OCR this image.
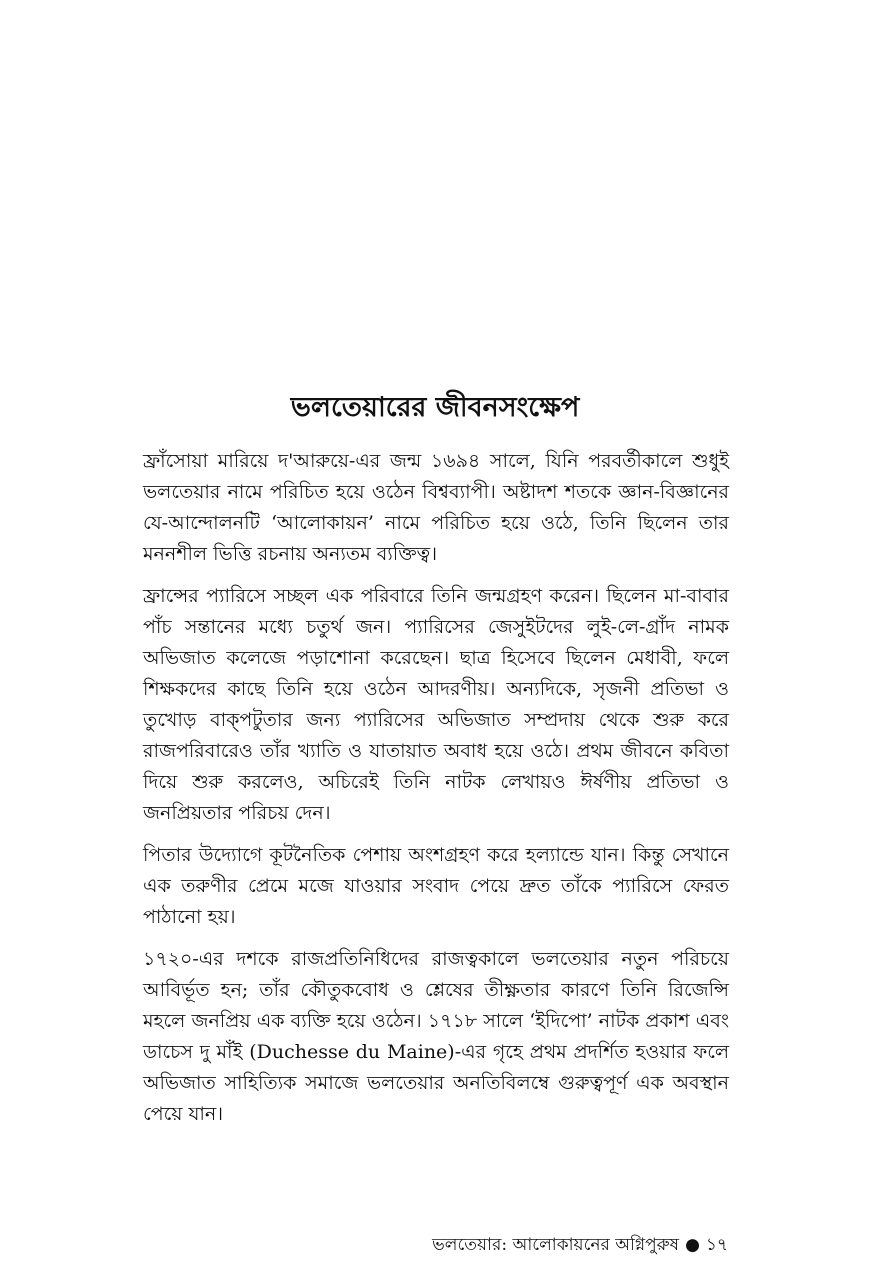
ভলতেয়ারের জীবনসংক্ষেপ

ফ্রাঁসোয়া মারিয়ে দ'আরুয়ে-এর জন্ম ১৬৯৪ সালে, যিনি পরবর্তীকালে শুধুই ভলতেয়ার নামে পরিচিত হয়ে ওঠেন বিশ্বব্যাপী। অষ্টাদশ শতকে জ্ঞান-বিজ্ঞানের যে-আন্দোলনটি ‘আলোকায়ন’ নামে পরিচিত হয়ে ওঠে, তিনি ছিলেন তার মননশীল ভিত্তি রচনায় অন্যতম ব্যক্তিত্ব।

ফ্রান্সের প্যারিসে সচ্ছল এক পরিবারে তিনি জন্মগ্রহণ করেন। ছিলেন মা-বাবার পাঁচ সন্তানের মধ্যে চতুর্থ জন। প্যারিসের জেসুইটদের লুই-লে-গ্রাঁদ নামক অভিজাত কলেজে পড়াশোনা করেছেন। ছাত্র হিসেবে ছিলেন মেধাবী, ফলে শিক্ষকদের কাছে তিনি হয়ে ওঠেন আদরণীয়। অন্যদিকে, সৃজনী প্রতিভা ও তুখোড় বাক্‌পটুতার জন্য প্যারিসের অভিজাত সম্প্রদায় থেকে শুরু করে রাজপরিবারেও তাঁর খ্যাতি ও যাতায়াত অবাধ হয়ে ওঠে। প্রথম জীবনে কবিতা দিয়ে শুরু করলেও, অচিরেই তিনি নাটক লেখায়ও ঈর্ষণীয় প্রতিভা ও জনপ্রিয়তার পরিচয় দেন।

পিতার উদ্যোগে কূটনৈতিক পেশায় অংশগ্রহণ করে হল্যান্ডে যান। কিন্তু সেখানে এক তরুণীর প্রেমে মজে যাওয়ার সংবাদ পেয়ে দ্রুত তাঁকে প্যারিসে ফেরত পাঠানো হয়।

১৭২০-এর দশকে রাজপ্রতিনিধিদের রাজত্বকালে ভলতেয়ার নতুন পরিচয়ে আবির্ভূত হন; তাঁর কৌতুকবোধ ও শ্লেষের তীক্ষ্ণতার কারণে তিনি রিজেন্সি মহলে জনপ্রিয় এক ব্যক্তি হয়ে ওঠেন। ১৭১৮ সালে ‘ইদিপো’ নাটক প্রকাশ এবং ডাচেস দু মাঁই (Duchesse du Maine)-এর গৃহে প্রথম প্রদর্শিত হওয়ার ফলে অভিজাত সাহিত্যিক সমাজে ভলতেয়ার অনতিবিলম্বে গুরুত্বপূর্ণ এক অবস্থান পেয়ে যান।

ভলতেয়ার: আলোকায়নের অগ্নিপুরুষ ● ১৭
